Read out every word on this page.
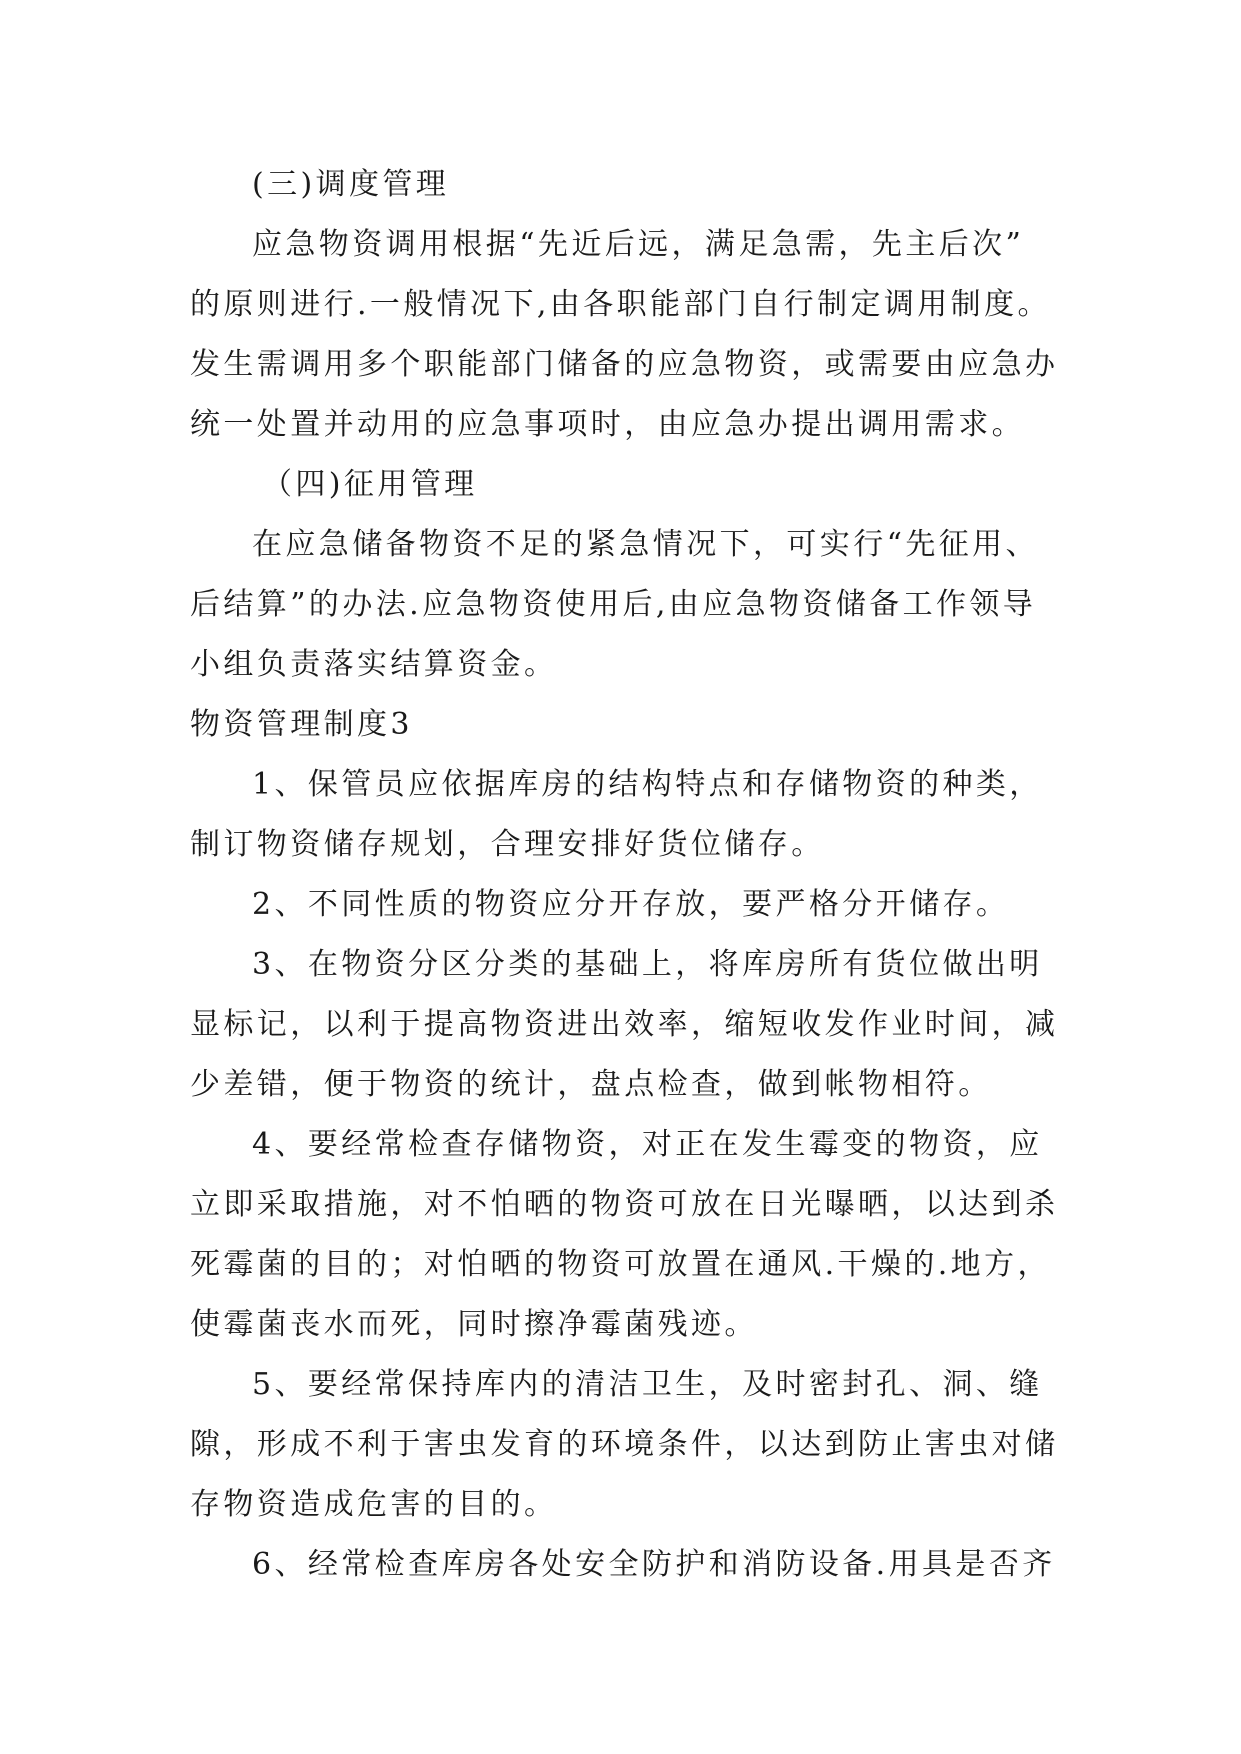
(三)调度管理
应急物资调用根据“先近后远，满足急需，先主后次”
的原则进行.一般情况下,由各职能部门自行制定调用制度。
发生需调用多个职能部门储备的应急物资，或需要由应急办
统一处置并动用的应急事项时，由应急办提出调用需求。
（四)征用管理
在应急储备物资不足的紧急情况下，可实行“先征用、
后结算”的办法.应急物资使用后,由应急物资储备工作领导
小组负责落实结算资金。
物资管理制度3
1、保管员应依据库房的结构特点和存储物资的种类，
制订物资储存规划，合理安排好货位储存。
2、不同性质的物资应分开存放，要严格分开储存。
3、在物资分区分类的基础上，将库房所有货位做出明
显标记，以利于提高物资进出效率，缩短收发作业时间，减
少差错，便于物资的统计，盘点检查，做到帐物相符。
4、要经常检查存储物资，对正在发生霉变的物资，应
立即采取措施，对不怕晒的物资可放在日光曝晒，以达到杀
死霉菌的目的；对怕晒的物资可放置在通风.干燥的.地方，
使霉菌丧水而死，同时擦净霉菌残迹。
5、要经常保持库内的清洁卫生，及时密封孔、洞、缝
隙，形成不利于害虫发育的环境条件，以达到防止害虫对储
存物资造成危害的目的。
6、经常检查库房各处安全防护和消防设备.用具是否齐
